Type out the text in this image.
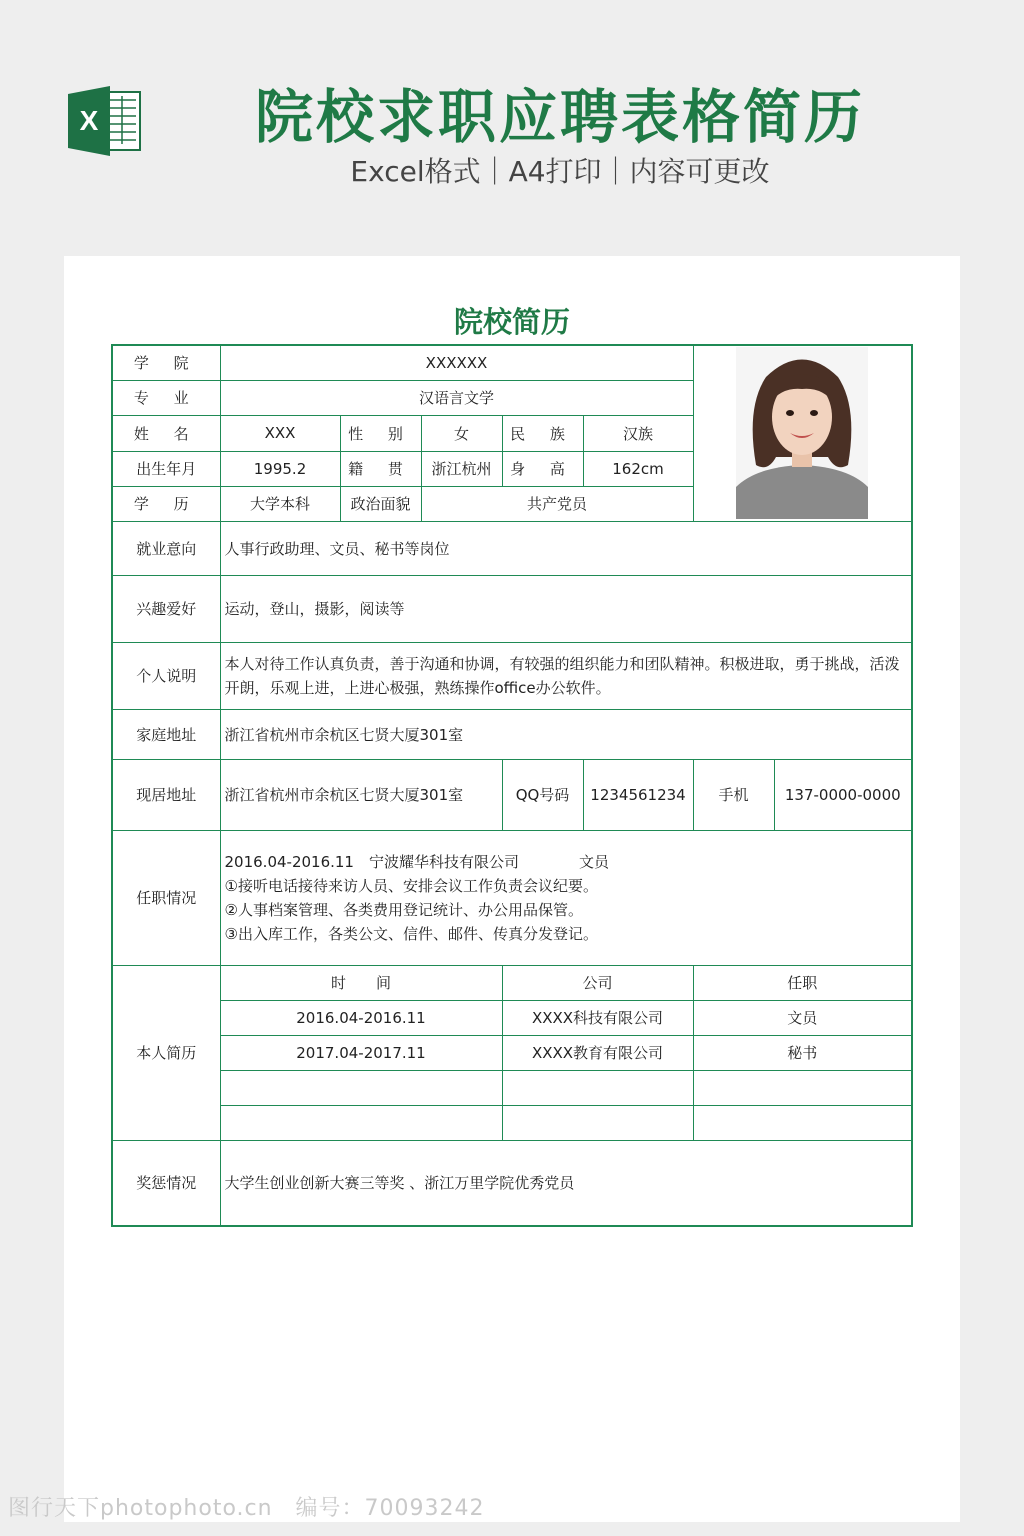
X	院校求职应聘表格简历
Excel格式｜A4打印｜内容可更改
院校简历
学 院	XXXXXX	

专 业	汉语言文学						
姓 名	XXX	性 别	女	民 族	汉族		
出生年月	1995.2	籍 贯	浙江杭州	身 高	162cm		
学 历	大学本科	政治面貌	共产党员				
就业意向	人事行政助理、文员、秘书等岗位						
兴趣爱好	运动，登山，摄影，阅读等						
个人说明	本人对待工作认真负责，善于沟通和协调，有较强的组织能力和团队精神。积极进取，勇于挑战，活泼开朗，乐观上进，上进心极强，熟练操作office办公软件。						
家庭地址	浙江省杭州市余杭区七贤大厦301室						
现居地址	浙江省杭州市余杭区七贤大厦301室			QQ号码	1234561234	手机	137-0000-0000
任职情况	2016.04-2016.11　宁波耀华科技有限公司　　　　文员
①接听电话接待来访人员、安排会议工作负责会议纪要。
②人事档案管理、各类费用登记统计、办公用品保管。
③出入库工作，各类公文、信件、邮件、传真分发登记。						

本人简历	时　　间			公司		任职	
	2016.04-2016.11			XXXX科技有限公司		文员	
	2017.04-2017.11			XXXX教育有限公司		秘书	

奖惩情况	大学生创业创新大赛三等奖 、浙江万里学院优秀党员						
图行天下photophoto.cn　编号：70093242
